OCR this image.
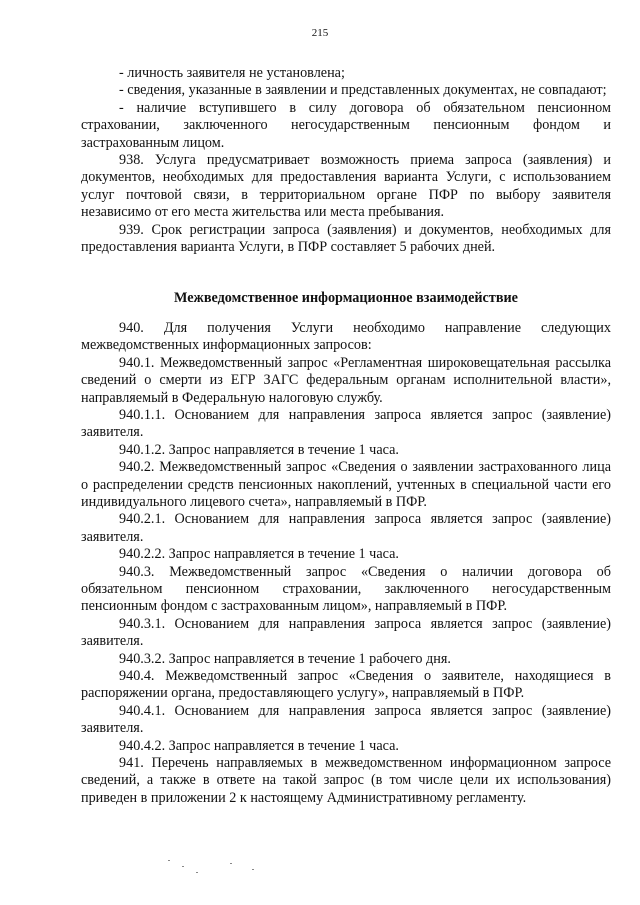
215

- личность заявителя не установлена;

- сведения, указанные в заявлении и представленных документах, не совпадают;

- наличие вступившего в силу договора об обязательном пенсионном страховании, заключенного негосударственным пенсионным фондом и застрахованным лицом.

938. Услуга предусматривает возможность приема запроса (заявления) и документов, необходимых для предоставления варианта Услуги, с использованием услуг почтовой связи, в территориальном органе ПФР по выбору заявителя независимо от его места жительства или места пребывания.

939. Срок регистрации запроса (заявления) и документов, необходимых для предоставления варианта Услуги, в ПФР составляет 5 рабочих дней.

Межведомственное информационное взаимодействие

940. Для получения Услуги необходимо направление следующих межведомственных информационных запросов:

940.1. Межведомственный запрос «Регламентная широковещательная рассылка сведений о смерти из ЕГР ЗАГС федеральным органам исполнительной власти», направляемый в Федеральную налоговую службу.

940.1.1. Основанием для направления запроса является запрос (заявление) заявителя.

940.1.2. Запрос направляется в течение 1 часа.

940.2. Межведомственный запрос «Сведения о заявлении застрахованного лица о распределении средств пенсионных накоплений, учтенных в специальной части его индивидуального лицевого счета», направляемый в ПФР.

940.2.1. Основанием для направления запроса является запрос (заявление) заявителя.

940.2.2. Запрос направляется в течение 1 часа.

940.3. Межведомственный запрос «Сведения о наличии договора об обязательном пенсионном страховании, заключенного негосударственным пенсионным фондом с застрахованным лицом», направляемый в ПФР.

940.3.1. Основанием для направления запроса является запрос (заявление) заявителя.

940.3.2. Запрос направляется в течение 1 рабочего дня.

940.4. Межведомственный запрос «Сведения о заявителе, находящиеся в распоряжении органа, предоставляющего услугу», направляемый в ПФР.

940.4.1. Основанием для направления запроса является запрос (заявление) заявителя.

940.4.2. Запрос направляется в течение 1 часа.

941. Перечень направляемых в межведомственном информационном запросе сведений, а также в ответе на такой запрос (в том числе цели их использования) приведен в приложении 2 к настоящему Административному регламенту.
